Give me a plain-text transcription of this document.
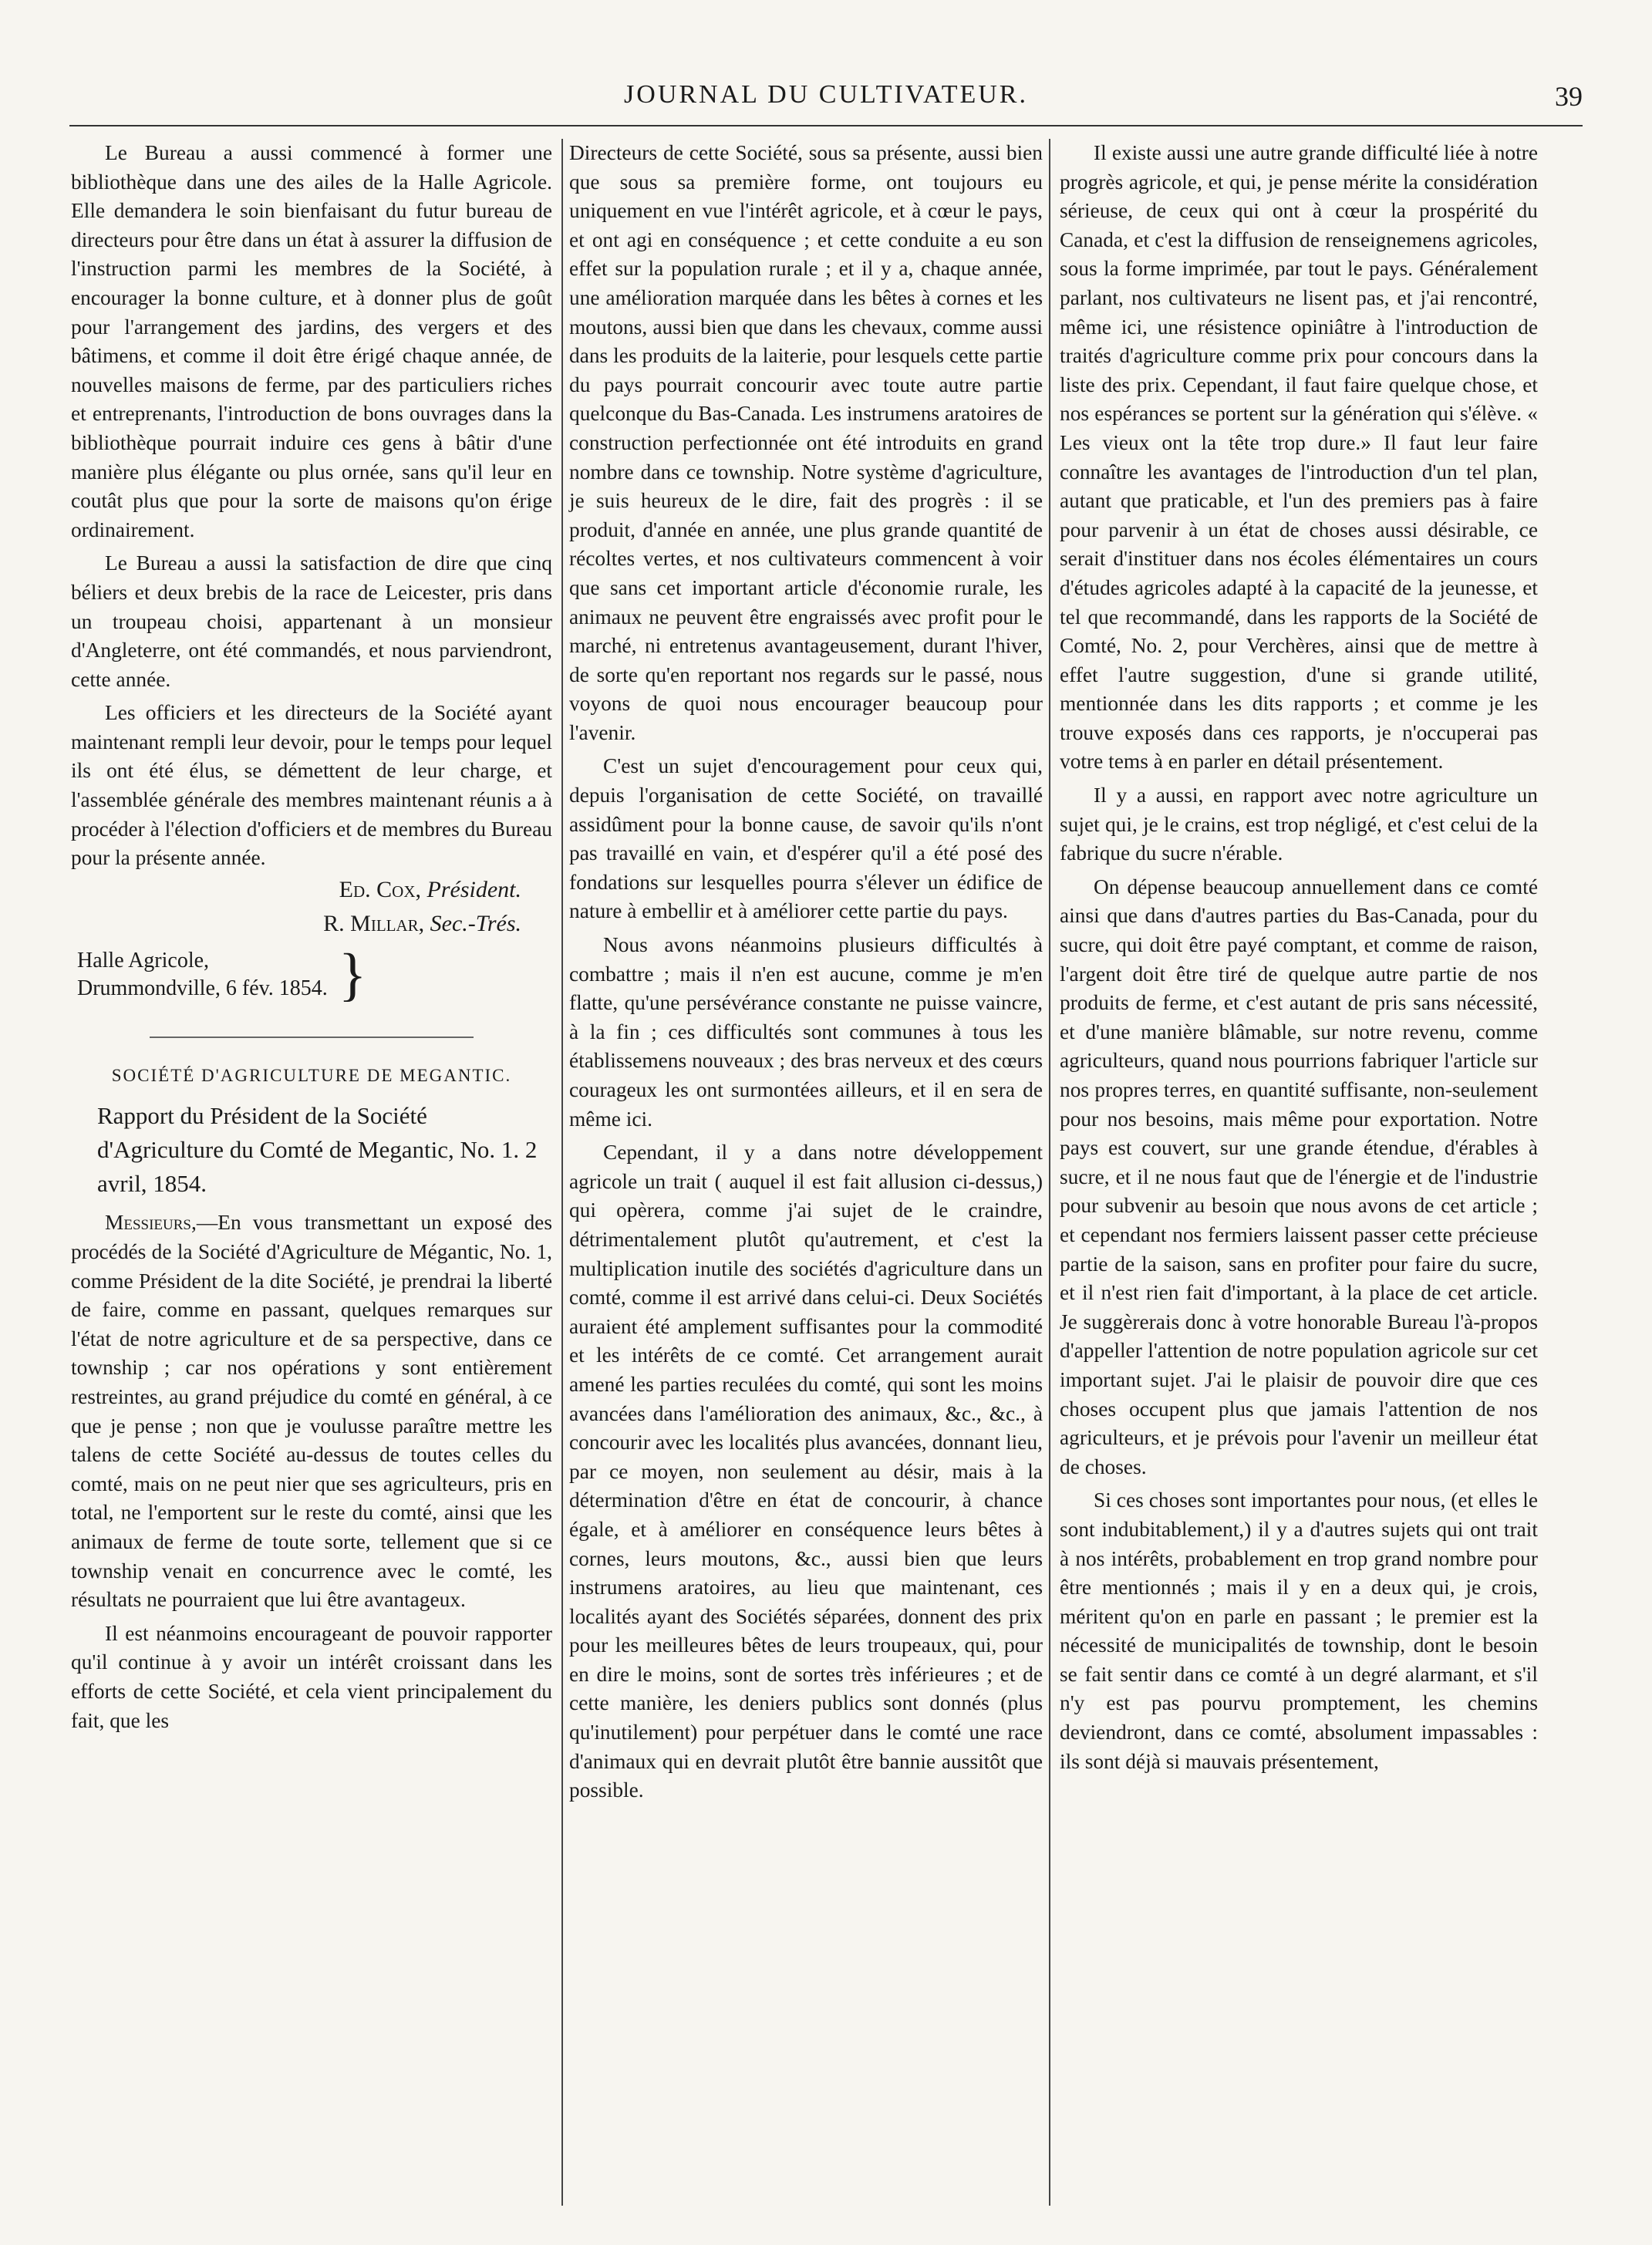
JOURNAL DU CULTIVATEUR.	39

Le Bureau a aussi commencé à former une bibliothèque dans une des ailes de la Halle Agricole. Elle demandera le soin bienfaisant du futur bureau de directeurs pour être dans un état à assurer la diffusion de l'instruction parmi les membres de la Société, à encourager la bonne culture, et à donner plus de goût pour l'arrangement des jardins, des vergers et des bâtimens, et comme il doit être érigé chaque année, de nouvelles maisons de ferme, par des particuliers riches et entreprenants, l'introduction de bons ouvrages dans la bibliothèque pourrait induire ces gens à bâtir d'une manière plus élégante ou plus ornée, sans qu'il leur en coutât plus que pour la sorte de maisons qu'on érige ordinairement.

Le Bureau a aussi la satisfaction de dire que cinq béliers et deux brebis de la race de Leicester, pris dans un troupeau choisi, appartenant à un monsieur d'Angleterre, ont été commandés, et nous parviendront, cette année.

Les officiers et les directeurs de la Société ayant maintenant rempli leur devoir, pour le temps pour lequel ils ont été élus, se démettent de leur charge, et l'assemblée générale des membres maintenant réunis a à procéder à l'élection d'officiers et de membres du Bureau pour la présente année.

Ed. Cox, Président.
R. Millar, Sec.-Trés.
Halle Agricole,
Drummondville, 6 fév. 1854. }

SOCIÉTÉ D'AGRICULTURE DE MEGANTIC.

Rapport du Président de la Société d'Agriculture du Comté de Megantic, No. 1. 2 avril, 1854.

Messieurs,—En vous transmettant un exposé des procédés de la Société d'Agriculture de Mégantic, No. 1, comme Président de la dite Société, je prendrai la liberté de faire, comme en passant, quelques remarques sur l'état de notre agriculture et de sa perspective, dans ce township ; car nos opérations y sont entièrement restreintes, au grand préjudice du comté en général, à ce que je pense ; non que je voulusse paraître mettre les talens de cette Société au-dessus de toutes celles du comté, mais on ne peut nier que ses agriculteurs, pris en total, ne l'emportent sur le reste du comté, ainsi que les animaux de ferme de toute sorte, tellement que si ce township venait en concurrence avec le comté, les résultats ne pourraient que lui être avantageux.

Il est néanmoins encourageant de pouvoir rapporter qu'il continue à y avoir un intérêt croissant dans les efforts de cette Société, et cela vient principalement du fait, que les

Directeurs de cette Société, sous sa présente, aussi bien que sous sa première forme, ont toujours eu uniquement en vue l'intérêt agricole, et à cœur le pays, et ont agi en conséquence ; et cette conduite a eu son effet sur la population rurale ; et il y a, chaque année, une amélioration marquée dans les bêtes à cornes et les moutons, aussi bien que dans les chevaux, comme aussi dans les produits de la laiterie, pour lesquels cette partie du pays pourrait concourir avec toute autre partie quelconque du Bas-Canada. Les instrumens aratoires de construction perfectionnée ont été introduits en grand nombre dans ce township. Notre système d'agriculture, je suis heureux de le dire, fait des progrès : il se produit, d'année en année, une plus grande quantité de récoltes vertes, et nos cultivateurs commencent à voir que sans cet important article d'économie rurale, les animaux ne peuvent être engraissés avec profit pour le marché, ni entretenus avantageusement, durant l'hiver, de sorte qu'en reportant nos regards sur le passé, nous voyons de quoi nous encourager beaucoup pour l'avenir.

C'est un sujet d'encouragement pour ceux qui, depuis l'organisation de cette Société, on travaillé assidûment pour la bonne cause, de savoir qu'ils n'ont pas travaillé en vain, et d'espérer qu'il a été posé des fondations sur lesquelles pourra s'élever un édifice de nature à embellir et à améliorer cette partie du pays.

Nous avons néanmoins plusieurs difficultés à combattre ; mais il n'en est aucune, comme je m'en flatte, qu'une persévérance constante ne puisse vaincre, à la fin ; ces difficultés sont communes à tous les établissemens nouveaux ; des bras nerveux et des cœurs courageux les ont surmontées ailleurs, et il en sera de même ici.

Cependant, il y a dans notre développement agricole un trait ( auquel il est fait allusion ci-dessus,) qui opèrera, comme j'ai sujet de le craindre, détrimentalement plutôt qu'autrement, et c'est la multiplication inutile des sociétés d'agriculture dans un comté, comme il est arrivé dans celui-ci. Deux Sociétés auraient été amplement suffisantes pour la commodité et les intérêts de ce comté. Cet arrangement aurait amené les parties reculées du comté, qui sont les moins avancées dans l'amélioration des animaux, &c., &c., à concourir avec les localités plus avancées, donnant lieu, par ce moyen, non seulement au désir, mais à la détermination d'être en état de concourir, à chance égale, et à améliorer en conséquence leurs bêtes à cornes, leurs moutons, &c., aussi bien que leurs instrumens aratoires, au lieu que maintenant, ces localités ayant des Sociétés séparées, donnent des prix pour les meilleures bêtes de leurs troupeaux, qui, pour en dire le moins, sont de sortes très inférieures ; et de cette manière, les deniers publics sont donnés (plus qu'inutilement) pour perpétuer dans le comté une race d'animaux qui en devrait plutôt être bannie aussitôt que possible.

Il existe aussi une autre grande difficulté liée à notre progrès agricole, et qui, je pense mérite la considération sérieuse, de ceux qui ont à cœur la prospérité du Canada, et c'est la diffusion de renseignemens agricoles, sous la forme imprimée, par tout le pays. Généralement parlant, nos cultivateurs ne lisent pas, et j'ai rencontré, même ici, une résistence opiniâtre à l'introduction de traités d'agriculture comme prix pour concours dans la liste des prix. Cependant, il faut faire quelque chose, et nos espérances se portent sur la génération qui s'élève. « Les vieux ont la tête trop dure.» Il faut leur faire connaître les avantages de l'introduction d'un tel plan, autant que praticable, et l'un des premiers pas à faire pour parvenir à un état de choses aussi désirable, ce serait d'instituer dans nos écoles élémentaires un cours d'études agricoles adapté à la capacité de la jeunesse, et tel que recommandé, dans les rapports de la Société de Comté, No. 2, pour Verchères, ainsi que de mettre à effet l'autre suggestion, d'une si grande utilité, mentionnée dans les dits rapports ; et comme je les trouve exposés dans ces rapports, je n'occuperai pas votre tems à en parler en détail présentement.

Il y a aussi, en rapport avec notre agriculture un sujet qui, je le crains, est trop négligé, et c'est celui de la fabrique du sucre n'érable.

On dépense beaucoup annuellement dans ce comté ainsi que dans d'autres parties du Bas-Canada, pour du sucre, qui doit être payé comptant, et comme de raison, l'argent doit être tiré de quelque autre partie de nos produits de ferme, et c'est autant de pris sans nécessité, et d'une manière blâmable, sur notre revenu, comme agriculteurs, quand nous pourrions fabriquer l'article sur nos propres terres, en quantité suffisante, non-seulement pour nos besoins, mais même pour exportation. Notre pays est couvert, sur une grande étendue, d'érables à sucre, et il ne nous faut que de l'énergie et de l'industrie pour subvenir au besoin que nous avons de cet article ; et cependant nos fermiers laissent passer cette précieuse partie de la saison, sans en profiter pour faire du sucre, et il n'est rien fait d'important, à la place de cet article. Je suggèrerais donc à votre honorable Bureau l'à-propos d'appeller l'attention de notre population agricole sur cet important sujet. J'ai le plaisir de pouvoir dire que ces choses occupent plus que jamais l'attention de nos agriculteurs, et je prévois pour l'avenir un meilleur état de choses.

Si ces choses sont importantes pour nous, (et elles le sont indubitablement,) il y a d'autres sujets qui ont trait à nos intérêts, probablement en trop grand nombre pour être mentionnés ; mais il y en a deux qui, je crois, méritent qu'on en parle en passant ; le premier est la nécessité de municipalités de township, dont le besoin se fait sentir dans ce comté à un degré alarmant, et s'il n'y est pas pourvu promptement, les chemins deviendront, dans ce comté, absolument impassables : ils sont déjà si mauvais présentement,
